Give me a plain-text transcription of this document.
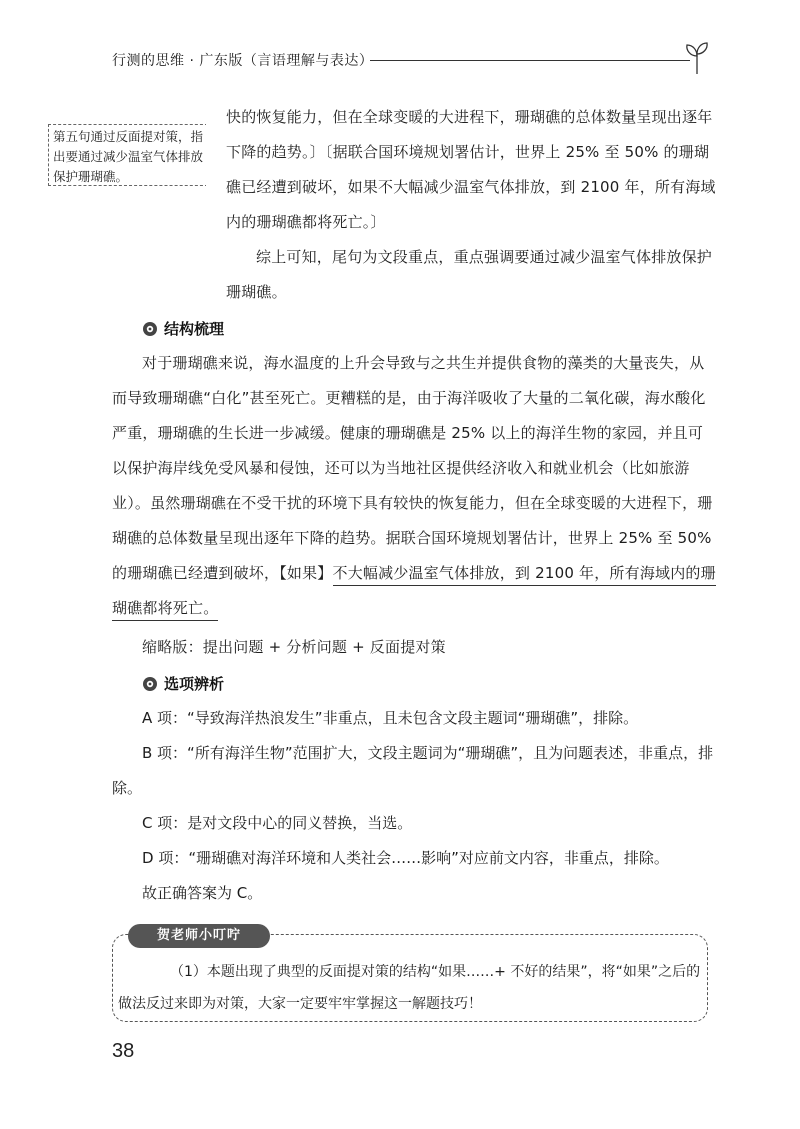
行测的思维 · 广东版（言语理解与表达）
第五句通过反面提对策，指出要通过减少温室气体排放保护珊瑚礁。
快的恢复能力，但在全球变暖的大进程下，珊瑚礁的总体数量呈现出逐年下降的趋势。〕〔据联合国环境规划署估计，世界上 25% 至 50% 的珊瑚礁已经遭到破坏，如果不大幅减少温室气体排放，到 2100 年，所有海域内的珊瑚礁都将死亡。〕
综上可知，尾句为文段重点，重点强调要通过减少温室气体排放保护珊瑚礁。
结构梳理
对于珊瑚礁来说，海水温度的上升会导致与之共生并提供食物的藻类的大量丧失，从而导致珊瑚礁“白化”甚至死亡。更糟糕的是，由于海洋吸收了大量的二氧化碳，海水酸化严重，珊瑚礁的生长进一步减缓。健康的珊瑚礁是 25% 以上的海洋生物的家园，并且可以保护海岸线免受风暴和侵蚀，还可以为当地社区提供经济收入和就业机会（比如旅游业）。虽然珊瑚礁在不受干扰的环境下具有较快的恢复能力，但在全球变暖的大进程下，珊瑚礁的总体数量呈现出逐年下降的趋势。据联合国环境规划署估计，世界上 25% 至 50% 的珊瑚礁已经遭到破坏，【如果】不大幅减少温室气体排放，到 2100 年，所有海域内的珊瑚礁都将死亡。
缩略版：提出问题 + 分析问题 + 反面提对策
选项辨析
A 项：“导致海洋热浪发生”非重点，且未包含文段主题词“珊瑚礁”，排除。
B 项：“所有海洋生物”范围扩大，文段主题词为“珊瑚礁”，且为问题表述，非重点，排除。
C 项：是对文段中心的同义替换，当选。
D 项：“珊瑚礁对海洋环境和人类社会……影响”对应前文内容，非重点，排除。
故正确答案为 C。
贺老师小叮咛
（1）本题出现了典型的反面提对策的结构“如果……+ 不好的结果”，将“如果”之后的做法反过来即为对策，大家一定要牢牢掌握这一解题技巧！
38
